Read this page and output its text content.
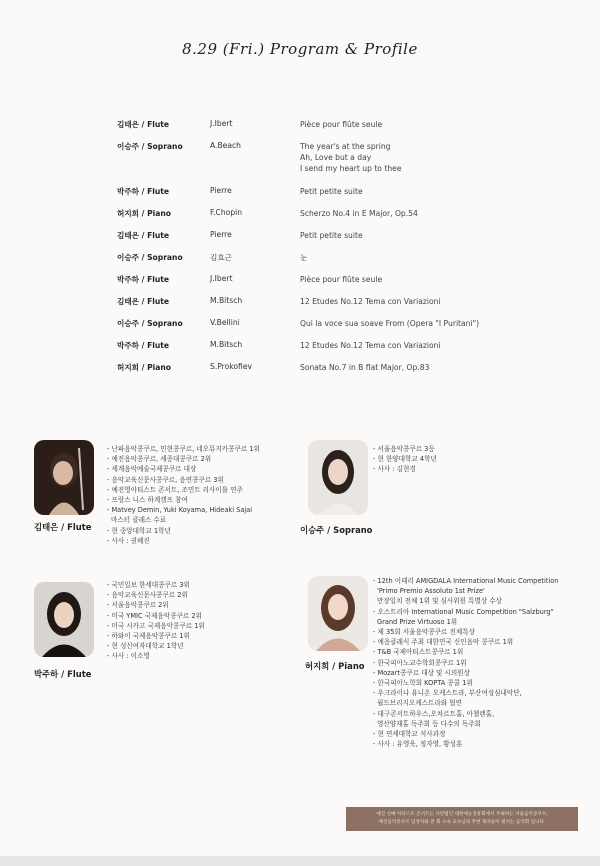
8.29 (Fri.) Program & Profile
김태은 / Flute	J.Ibert	Pièce pour flûte seule
이승주 / Soprano	A.Beach	The year's at the spring
Ah, Love but a day
I send my heart up to thee
박주하 / Flute	Pierre	Petit petite suite
허지희 / Piano	F.Chopin	Scherzo No.4 in E Major, Op.54
김태은 / Flute	Pierre	Petit petite suite
이승주 / Soprano	김효근	눈
박주하 / Flute	J.Ibert	Pièce pour flûte seule
김태은 / Flute	M.Bitsch	12 Etudes No.12 Tema con Variazioni
이승주 / Soprano	V.Bellini	Qui la voce sua soave From (Opera "I Puritani")
박주하 / Flute	M.Bitsch	12 Etudes No.12 Tema con Variazioni
허지희 / Piano	S.Prokofiev	Sonata No.7 in B flat Major, Op.83
김태은 / Flute
- 난파음악콩쿠르, 민현콩쿠르, 네오뮤지카콩쿠르 1위
- 예진음악콩쿠르, 세종대콩쿠르 2위
- 세계음악예술국제콩쿠르 대상
- 음악교육신문사콩쿠르, 음연콩쿠르 3위
- 예진영아티스트 콘서트, 조민트 리사이틀 연주
- 프랑스 니스 하계캠프 참여
- Matvey Demin, Yuki Koyama, Hideaki Sajai
마스터 클래스 수료
- 현 중앙대학교 1학년
- 사사 : 권혜진
이승주 / Soprano
- 서울음악콩쿠르 3등
- 현 한양대학교 4학년
- 사사 : 김현경
박주하 / Flute
- 국민일보 한세대콩쿠르 3위
- 음악교육신문사콩쿠르 2위
- 서울음악콩쿠르 2위
- 미국 YMIC 국제음악콩쿠르 2위
- 미국 시카고 국제음악콩쿠르 1위
- 하와이 국제음악콩쿠르 1위
- 현 성신여자대학교 1학년
- 사사 : 이소영
허지희 / Piano
- 12th 이태리 AMIGDALA International Music Competition
'Primo Premio Assoluto 1st Prize'
만장일치 전체 1위 및 심사위원 특별상 수상
- 오스트리아 International Music Competition "Salzburg"
Grand Prize Virtuoso 1위
- 제 35회 서울음악콩쿠르 전체특상
- 예음클래식 주최 대한민국 신인음악 콩쿠르 1위
- T&B 국제아티스트콩쿠르 1위
- 한국피아노교수학회콩쿠르 1위
- Mozart콩쿠르 대상 및 시의원상
- 한국피아노학회 KOPTA 콩쿨 1위
- 우크라이나 유니온 오케스트라, 부산여성심내악단,
월드브리지오케스트라와 협연
- 대구콘서트하우스,오차르트홀, 아첼렌홀,
영산양재홀 독주회 등 다수의 독주회
- 현 연세대학교 석사과정
- 사사 : 유영욱, 정자영, 황성훈
예진 신예 아티스트 콘서트는 사단법인 대한예능진흥회에서 주최하는 서울음악콩쿠르,
예진음악콩쿠르 입상자와 본 회 소속 교수님의 추천 제자들이 펼치는 음악회 입니다.
